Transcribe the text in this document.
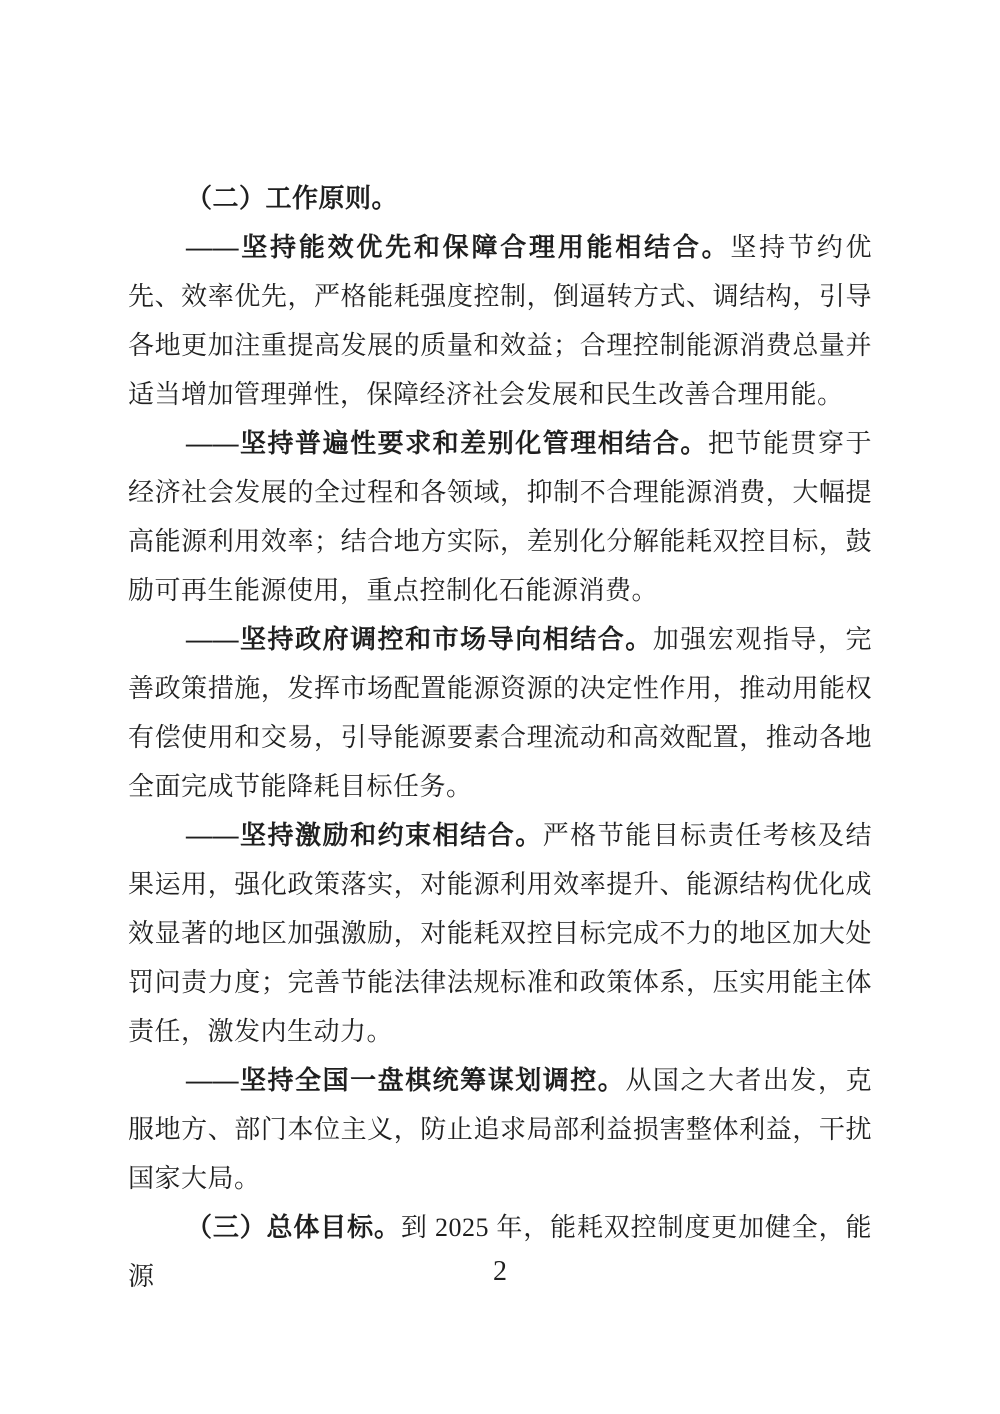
（二）工作原则。

——坚持能效优先和保障合理用能相结合。坚持节约优先、效率优先，严格能耗强度控制，倒逼转方式、调结构，引导各地更加注重提高发展的质量和效益；合理控制能源消费总量并适当增加管理弹性，保障经济社会发展和民生改善合理用能。

——坚持普遍性要求和差别化管理相结合。把节能贯穿于经济社会发展的全过程和各领域，抑制不合理能源消费，大幅提高能源利用效率；结合地方实际，差别化分解能耗双控目标，鼓励可再生能源使用，重点控制化石能源消费。

——坚持政府调控和市场导向相结合。加强宏观指导，完善政策措施，发挥市场配置能源资源的决定性作用，推动用能权有偿使用和交易，引导能源要素合理流动和高效配置，推动各地全面完成节能降耗目标任务。

——坚持激励和约束相结合。严格节能目标责任考核及结果运用，强化政策落实，对能源利用效率提升、能源结构优化成效显著的地区加强激励，对能耗双控目标完成不力的地区加大处罚问责力度；完善节能法律法规标准和政策体系，压实用能主体责任，激发内生动力。

——坚持全国一盘棋统筹谋划调控。从国之大者出发，克服地方、部门本位主义，防止追求局部利益损害整体利益，干扰国家大局。

（三）总体目标。到 2025 年，能耗双控制度更加健全，能源	2
